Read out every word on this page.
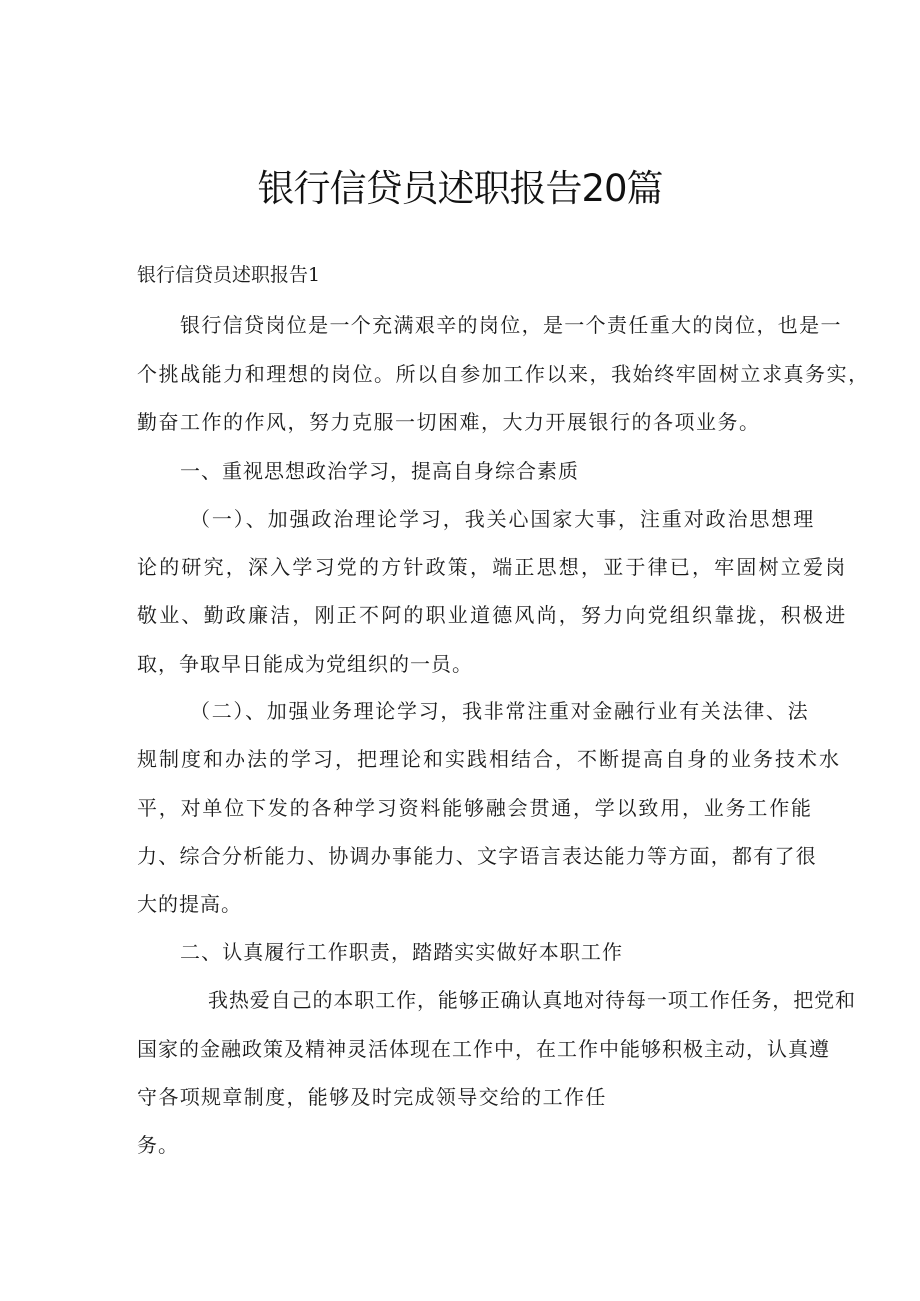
银行信贷员述职报告20篇

银行信贷员述职报告1

银行信贷岗位是一个充满艰辛的岗位，是一个责任重大的岗位，也是一

个挑战能力和理想的岗位。所以自参加工作以来，我始终牢固树立求真务实，

勤奋工作的作风，努力克服一切困难，大力开展银行的各项业务。

一、重视思想政治学习，提高自身综合素质

（一）、加强政治理论学习，我关心国家大事，注重对政治思想理

论的研究，深入学习党的方针政策，端正思想，亚于律已，牢固树立爱岗

敬业、勤政廉洁，刚正不阿的职业道德风尚，努力向党组织靠拢，积极进

取，争取早日能成为党组织的一员。

（二）、加强业务理论学习，我非常注重对金融行业有关法律、法

规制度和办法的学习，把理论和实践相结合，不断提高自身的业务技术水

平，对单位下发的各种学习资料能够融会贯通，学以致用，业务工作能

力、综合分析能力、协调办事能力、文字语言表达能力等方面，都有了很

大的提高。

二、认真履行工作职责，踏踏实实做好本职工作

我热爱自己的本职工作，能够正确认真地对待每一项工作任务，把党和

国家的金融政策及精神灵活体现在工作中，在工作中能够积极主动，认真遵

守各项规章制度，能够及时完成领导交给的工作任

务。
